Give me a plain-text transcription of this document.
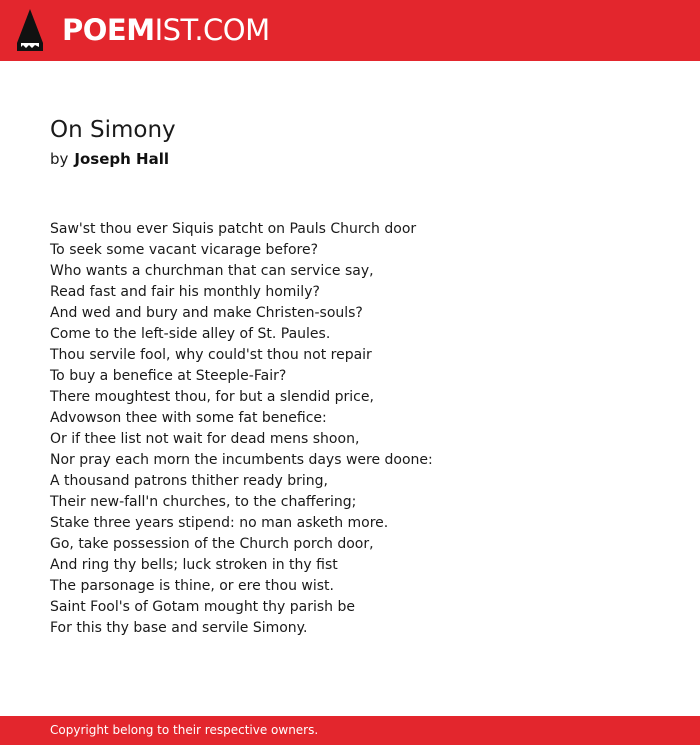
POEM IST.COM
On Simony
by Joseph Hall
Saw'st thou ever Siquis patcht on Pauls Church door
To seek some vacant vicarage before?
Who wants a churchman that can service say,
Read fast and fair his monthly homily?
And wed and bury and make Christen-souls?
Come to the left-side alley of St. Paules.
Thou servile fool, why could'st thou not repair
To buy a benefice at Steeple-Fair?
There moughtest thou, for but a slendid price,
Advowson thee with some fat benefice:
Or if thee list not wait for dead mens shoon,
Nor pray each morn the incumbents days were doone:
A thousand patrons thither ready bring,
Their new-fall'n churches, to the chaffering;
Stake three years stipend: no man asketh more.
Go, take possession of the Church porch door,
And ring thy bells; luck stroken in thy fist
The parsonage is thine, or ere thou wist.
Saint Fool's of Gotam mought thy parish be
For this thy base and servile Simony.
Copyright belong to their respective owners.
